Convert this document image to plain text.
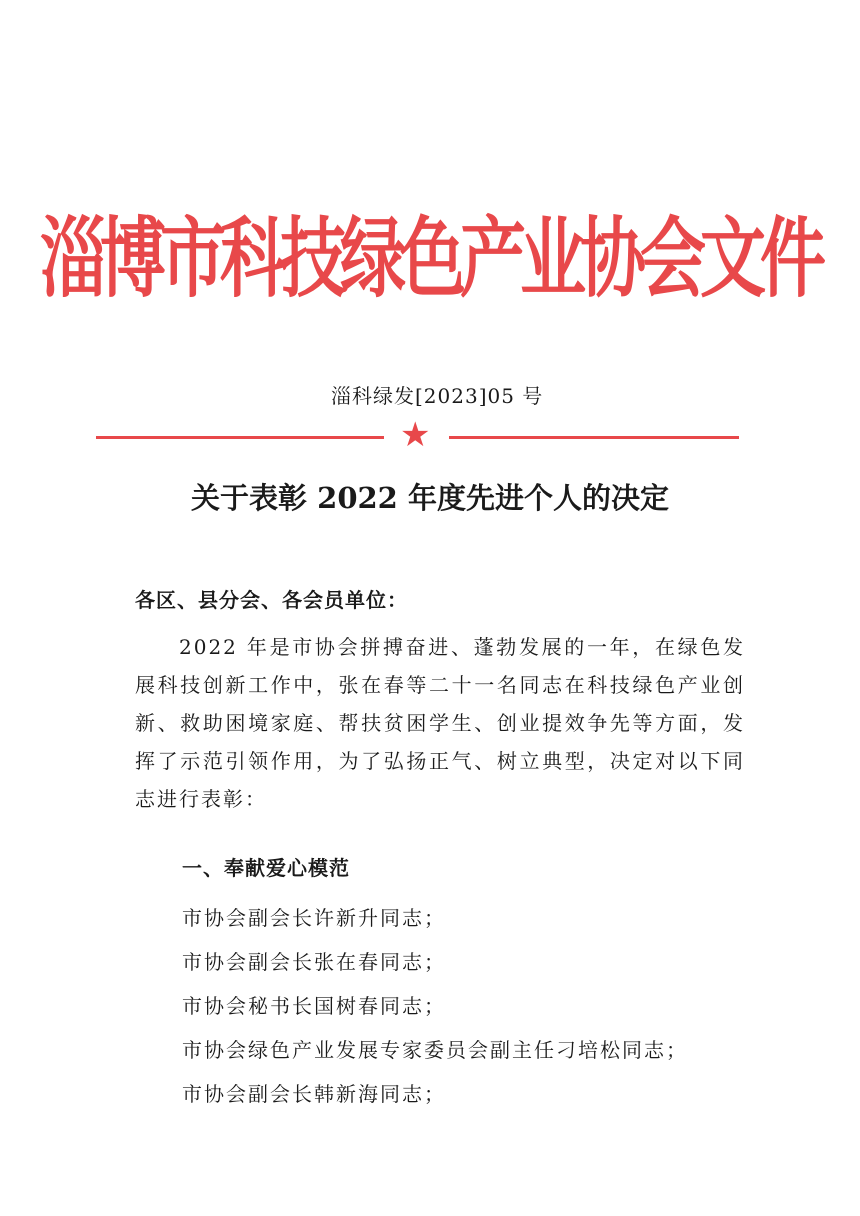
淄博市科技绿色产业协会文件
淄科绿发[2023]05 号
★
关于表彰 2022 年度先进个人的决定
各区、县分会、各会员单位：
2022 年是市协会拼搏奋进、蓬勃发展的一年，在绿色发展科技创新工作中，张在春等二十一名同志在科技绿色产业创新、救助困境家庭、帮扶贫困学生、创业提效争先等方面，发挥了示范引领作用，为了弘扬正气、树立典型，决定对以下同志进行表彰：
一、奉献爱心模范
市协会副会长许新升同志；
市协会副会长张在春同志；
市协会秘书长国树春同志；
市协会绿色产业发展专家委员会副主任刁培松同志；
市协会副会长韩新海同志；
